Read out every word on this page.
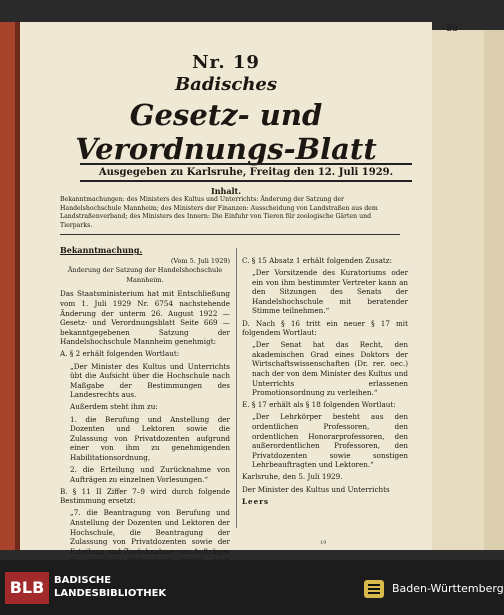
Nr. 19
Badisches
Gesetz- und Verordnungs-Blatt
Ausgegeben zu Karlsruhe, Freitag den 12. Juli 1929.
Inhalt.
Bekanntmachungen: des Ministers des Kultus und Unterrichts: Änderung der Satzung der Handelshochschule Mannheim; des Ministers der Finanzen: Ausscheidung von Landstraßen aus dem Landstraßenverband; des Ministers des Innern: Die Einfuhr von Tieren für zoologische Gärten und Tierparks.
Bekanntmachung.
(Vom 5. Juli 1929)
Änderung der Satzung der Handelshochschule Mannheim.

Das Staatsministerium hat mit Entschließung vom 1. Juli 1929 Nr. 6754 nachstehende Änderung der unterm 26. August 1922 — Gesetz- und Verordnungsblatt Seite 669 — bekanntgegebenen Satzung der Handelshochschule Mannheim genehmigt:

A. § 2 erhält folgenden Wortlaut:

„Der Minister des Kultus und Unterrichts übt die Aufsicht über die Hochschule nach Maßgabe der Bestimmungen des Landesrechts aus.

Außerdem steht ihm zu:

1. die Berufung und Anstellung der Dozenten und Lektoren sowie die Zulassung von Privatdozenten aufgrund einer von ihm zu genehmigenden Habilitationsordnung,

2. die Erteilung und Zurücknahme von Aufträgen zu einzelnen Vorlesungen.“

B. § 11 II Ziffer 7–9 wird durch folgende Bestimmung ersetzt:

„7. die Beantragung von Berufung und Anstellung der Dozenten und Lektoren der Hochschule, die Beantragung der Zulassung von Privatdozenten sowie der Erteilung und Zurücknahme von Aufträgen

C. § 15 Absatz 1 erhält folgenden Zusatz:

„Der Vorsitzende des Kuratoriums oder ein von ihm bestimmter Vertreter kann an den Sitzungen des Senats der Handelshochschule mit beratender Stimme teilnehmen.“

D. Nach § 16 tritt ein neuer § 17 mit folgendem Wortlaut:

„Der Senat hat das Recht, den akademischen Grad eines Doktors der Wirtschaftswissenschaften (Dr. rer. oec.) nach der von dem Minister des Kultus und Unterrichts erlassenen Promotionsordnung zu verleihen.“

E. § 17 erhält als § 18 folgenden Wortlaut:

„Der Lehrkörper besteht aus den ordentlichen Professoren, den ordentlichen Honorarprofessoren, den außerordentlichen Professoren, den Privatdozenten sowie sonstigen Lehrbeauftragten und Lektoren.“

Karlsruhe, den 5. Juli 1929.

Der Minister des Kultus und Unterrichts

Leers

19
89
BLB BADISCHE
LANDESBIBLIOTHEK	Baden-Württemberg
